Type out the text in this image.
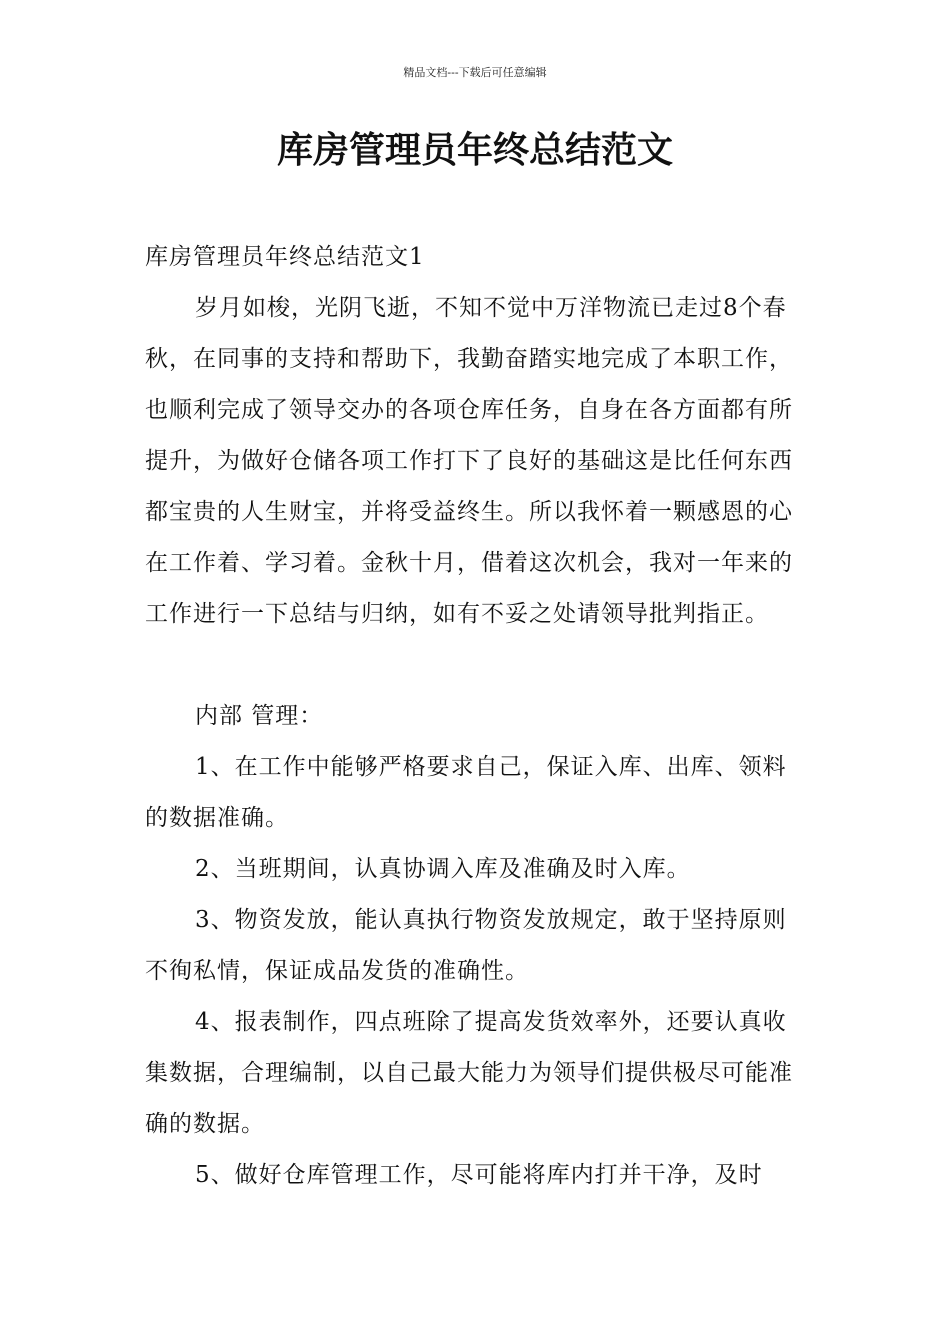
精品文档---下载后可任意编辑
库房管理员年终总结范文

库房管理员年终总结范文1

岁月如梭，光阴飞逝，不知不觉中万洋物流已走过8个春秋，在同事的支持和帮助下，我勤奋踏实地完成了本职工作，也顺利完成了领导交办的各项仓库任务，自身在各方面都有所提升，为做好仓储各项工作打下了良好的基础这是比任何东西都宝贵的人生财宝，并将受益终生。所以我怀着一颗感恩的心在工作着、学习着。金秋十月，借着这次机会，我对一年来的工作进行一下总结与归纳，如有不妥之处请领导批判指正。

内部 管理：

1、在工作中能够严格要求自己，保证入库、出库、领料的数据准确。

2、当班期间，认真协调入库及准确及时入库。

3、物资发放，能认真执行物资发放规定，敢于坚持原则不徇私情，保证成品发货的准确性。

4、报表制作，四点班除了提高发货效率外，还要认真收集数据，合理编制，以自己最大能力为领导们提供极尽可能准确的数据。

5、做好仓库管理工作，尽可能将库内打并干净，及时
